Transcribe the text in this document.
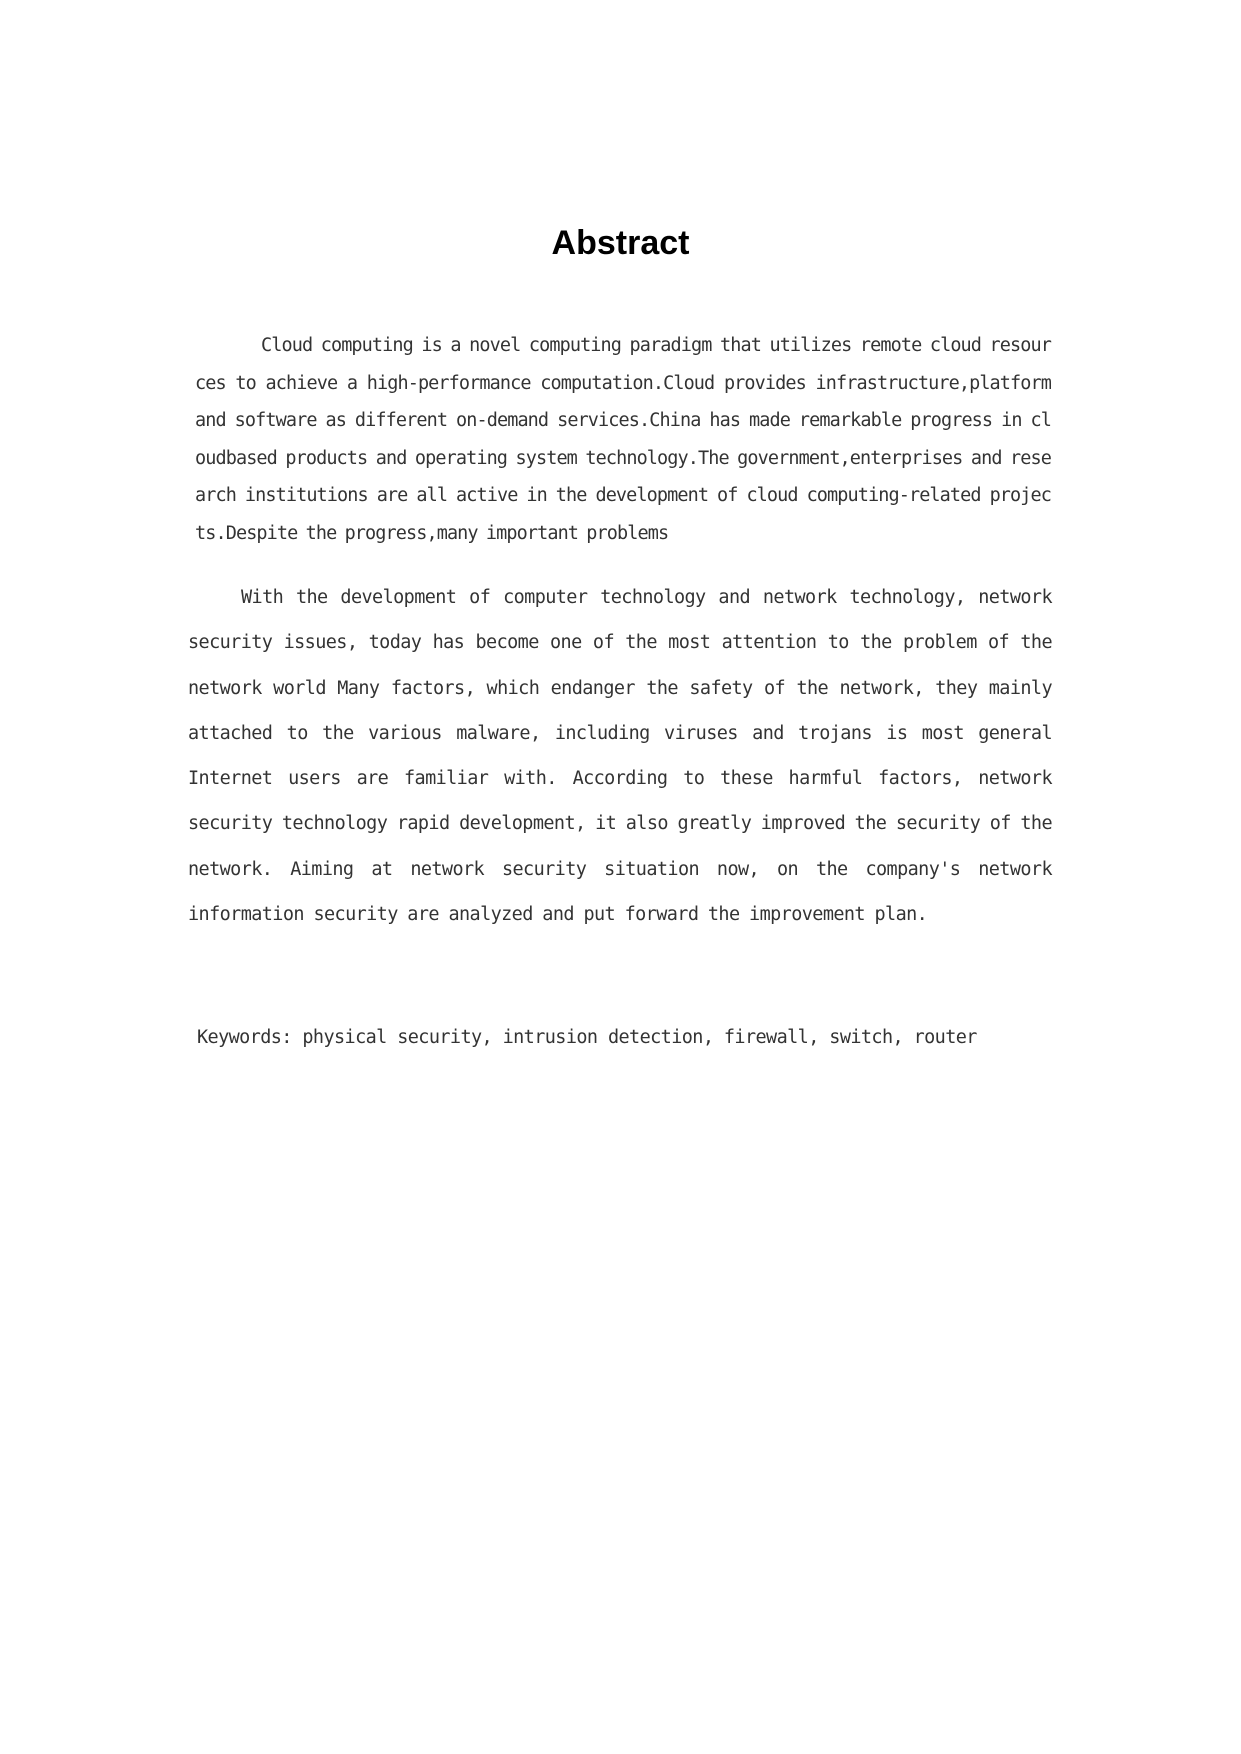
Abstract

Cloud computing is a novel computing paradigm that utilizes remote cloud resources to achieve a high-performance computation.Cloud provides infrastructure,platform and software as different on-demand services.China has made remarkable progress in cloudbased products and operating system technology.The government,enterprises and research institutions are all active in the development of cloud computing-related projects.Despite the progress,many important problems

With the development of computer technology and network technology, network security issues, today has become one of the most attention to the problem of the network world Many factors, which endanger the safety of the network, they mainly attached to the various malware, including viruses and trojans is most general Internet users are familiar with. According to these harmful factors, network security technology rapid development, it also greatly improved the security of the network. Aiming at network security situation now, on the company's network information security are analyzed and put forward the improvement plan.

Keywords: physical security, intrusion detection, firewall, switch, router
